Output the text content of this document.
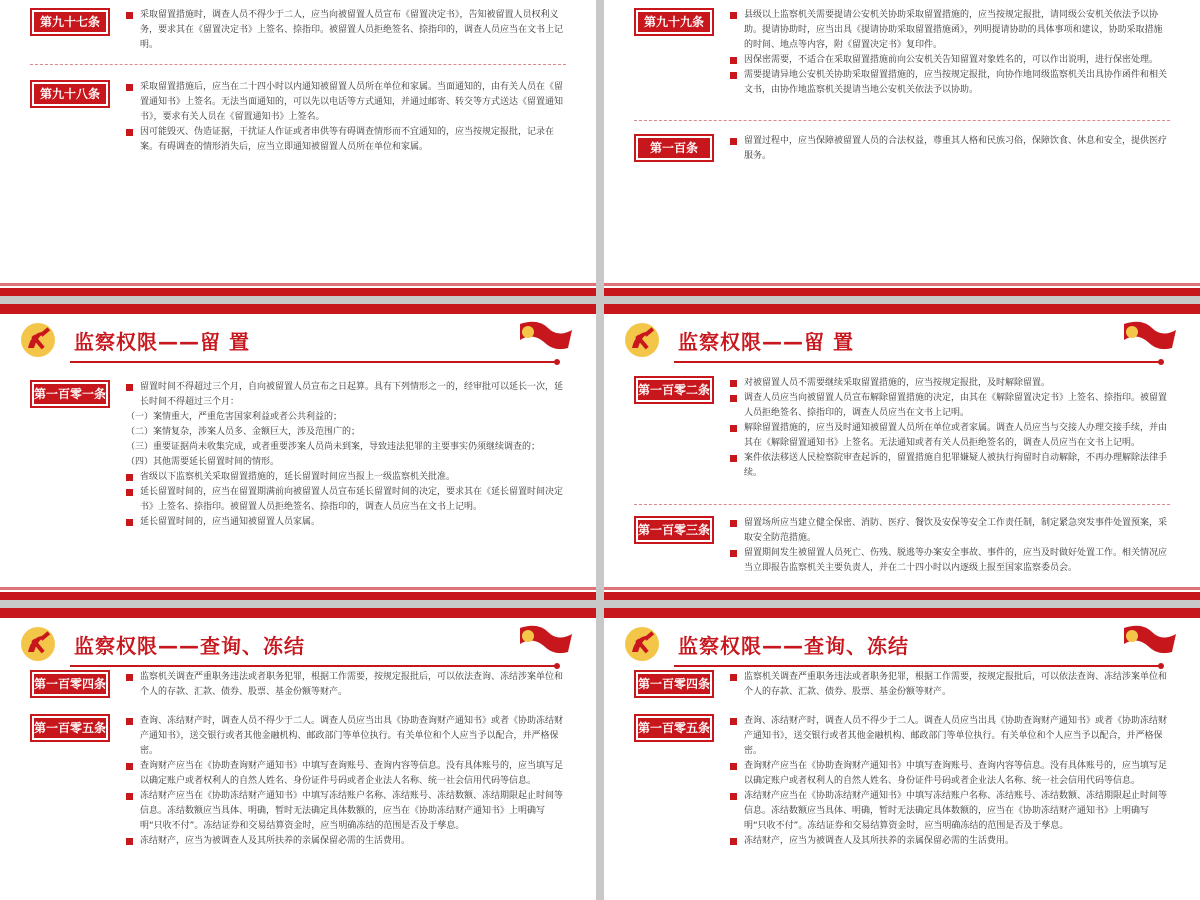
第九十七条	采取留置措施时，调查人员不得少于二人，应当向被留置人员宣布《留置决定书》，告知被留置人员权利义务，要求其在《留置决定书》上签名、捺指印。被留置人员拒绝签名、捺指印的，调查人员应当在文书上记明。

第九十八条	采取留置措施后，应当在二十四小时以内通知被留置人员所在单位和家属。当面通知的，由有关人员在《留置通知书》上签名。无法当面通知的，可以先以电话等方式通知，并通过邮寄、转交等方式送达《留置通知书》，要求有关人员在《留置通知书》上签名。

因可能毁灭、伪造证据，干扰证人作证或者串供等有碍调查情形而不宜通知的，应当按规定报批，记录在案。有碍调查的情形消失后，应当立即通知被留置人员所在单位和家属。

第九十九条	县级以上监察机关需要提请公安机关协助采取留置措施的，应当按规定报批，请同级公安机关依法予以协助。提请协助时，应当出具《提请协助采取留置措施函》，列明提请协助的具体事项和建议，协助采取措施的时间、地点等内容，附《留置决定书》复印件。

因保密需要，不适合在采取留置措施前向公安机关告知留置对象姓名的，可以作出说明，进行保密处理。

需要提请异地公安机关协助采取留置措施的，应当按规定报批，向协作地同级监察机关出具协作函件和相关文书，由协作地监察机关提请当地公安机关依法予以协助。

第一百条	留置过程中，应当保障被留置人员的合法权益，尊重其人格和民族习俗，保障饮食、休息和安全，提供医疗服务。

监察权限——留 置
第一百零一条	留置时间不得超过三个月，自向被留置人员宣布之日起算。具有下列情形之一的，经审批可以延长一次，延长时间不得超过三个月：

（一）案情重大，严重危害国家利益或者公共利益的；

（二）案情复杂，涉案人员多、金额巨大，涉及范围广的；

（三）重要证据尚未收集完成，或者重要涉案人员尚未到案，导致违法犯罪的主要事实仍须继续调查的；

（四）其他需要延长留置时间的情形。

省级以下监察机关采取留置措施的，延长留置时间应当报上一级监察机关批准。

延长留置时间的，应当在留置期满前向被留置人员宣布延长留置时间的决定，要求其在《延长留置时间决定书》上签名、捺指印。被留置人员拒绝签名、捺指印的，调查人员应当在文书上记明。

延长留置时间的，应当通知被留置人员家属。

监察权限——留 置
第一百零二条	对被留置人员不需要继续采取留置措施的，应当按规定报批，及时解除留置。

调查人员应当向被留置人员宣布解除留置措施的决定，由其在《解除留置决定书》上签名、捺指印。被留置人员拒绝签名、捺指印的，调查人员应当在文书上记明。

解除留置措施的，应当及时通知被留置人员所在单位或者家属。调查人员应当与交接人办理交接手续，并由其在《解除留置通知书》上签名。无法通知或者有关人员拒绝签名的，调查人员应当在文书上记明。

案件依法移送人民检察院审查起诉的，留置措施自犯罪嫌疑人被执行拘留时自动解除，不再办理解除法律手续。

第一百零三条	留置场所应当建立健全保密、消防、医疗、餐饮及安保等安全工作责任制，制定紧急突发事件处置预案，采取安全防范措施。

留置期间发生被留置人员死亡、伤残、脱逃等办案安全事故、事件的，应当及时做好处置工作。相关情况应当立即报告监察机关主要负责人，并在二十四小时以内逐级上报至国家监察委员会。

监察权限——查询、冻结
第一百零四条	监察机关调查严重职务违法或者职务犯罪，根据工作需要，按规定报批后，可以依法查询、冻结涉案单位和个人的存款、汇款、债券、股票、基金份额等财产。

第一百零五条	查询、冻结财产时，调查人员不得少于二人。调查人员应当出具《协助查询财产通知书》或者《协助冻结财产通知书》，送交银行或者其他金融机构、邮政部门等单位执行。有关单位和个人应当予以配合，并严格保密。

查询财产应当在《协助查询财产通知书》中填写查询账号、查询内容等信息。没有具体账号的，应当填写足以确定账户或者权利人的自然人姓名、身份证件号码或者企业法人名称、统一社会信用代码等信息。

冻结财产应当在《协助冻结财产通知书》中填写冻结账户名称、冻结账号、冻结数额、冻结期限起止时间等信息。冻结数额应当具体、明确，暂时无法确定具体数额的，应当在《协助冻结财产通知书》上明确写明“只收不付”。冻结证券和交易结算资金时，应当明确冻结的范围是否及于孳息。

冻结财产，应当为被调查人及其所扶养的亲属保留必需的生活费用。

监察权限——查询、冻结
第一百零四条	监察机关调查严重职务违法或者职务犯罪，根据工作需要，按规定报批后，可以依法查询、冻结涉案单位和个人的存款、汇款、债券、股票、基金份额等财产。

第一百零五条	查询、冻结财产时，调查人员不得少于二人。调查人员应当出具《协助查询财产通知书》或者《协助冻结财产通知书》，送交银行或者其他金融机构、邮政部门等单位执行。有关单位和个人应当予以配合，并严格保密。

查询财产应当在《协助查询财产通知书》中填写查询账号、查询内容等信息。没有具体账号的，应当填写足以确定账户或者权利人的自然人姓名、身份证件号码或者企业法人名称、统一社会信用代码等信息。

冻结财产应当在《协助冻结财产通知书》中填写冻结账户名称、冻结账号、冻结数额、冻结期限起止时间等信息。冻结数额应当具体、明确，暂时无法确定具体数额的，应当在《协助冻结财产通知书》上明确写明“只收不付”。冻结证券和交易结算资金时，应当明确冻结的范围是否及于孳息。

冻结财产，应当为被调查人及其所扶养的亲属保留必需的生活费用。
